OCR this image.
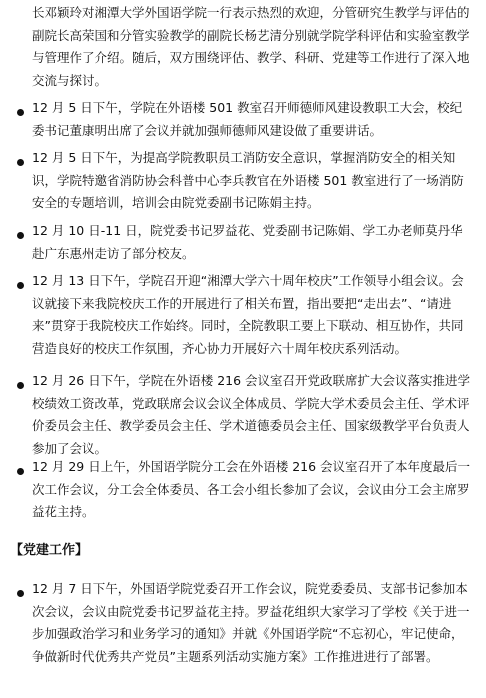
长邓颖玲对湘潭大学外国语学院一行表示热烈的欢迎，分管研究生教学与评估的副院长高荣国和分管实验教学的副院长杨艺清分别就学院学科评估和实验室教学与管理作了介绍。随后，双方围绕评估、教学、科研、党建等工作进行了深入地交流与探讨。
12 月 5 日下午，学院在外语楼 501 教室召开师德师风建设教职工大会，校纪委书记董康明出席了会议并就加强师德师风建设做了重要讲话。
12 月 5 日下午，为提高学院教职员工消防安全意识，掌握消防安全的相关知识，学院特邀省消防协会科普中心李兵教官在外语楼 501 教室进行了一场消防安全的专题培训，培训会由院党委副书记陈娟主持。
12 月 10 日-11 日，院党委书记罗益花、党委副书记陈娟、学工办老师莫丹华赴广东惠州走访了部分校友。
12 月 13 日下午，学院召开迎“湘潭大学六十周年校庆”工作领导小组会议。会议就接下来我院校庆工作的开展进行了相关布置，指出要把“走出去”、“请进来”贯穿于我院校庆工作始终。同时，全院教职工要上下联动、相互协作，共同营造良好的校庆工作氛围，齐心协力开展好六十周年校庆系列活动。
12 月 26 日下午，学院在外语楼 216 会议室召开党政联席扩大会议落实推进学校绩效工资改革，党政联席会议会议全体成员、学院大学术委员会主任、学术评价委员会主任、教学委员会主任、学术道德委员会主任、国家级教学平台负责人参加了会议。
12 月 29 日上午，外国语学院分工会在外语楼 216 会议室召开了本年度最后一次工作会议，分工会全体委员、各工会小组长参加了会议，会议由分工会主席罗益花主持。
【党建工作】
12 月 7 日下午，外国语学院党委召开工作会议，院党委委员、支部书记参加本次会议，会议由院党委书记罗益花主持。罗益花组织大家学习了学校《关于进一步加强政治学习和业务学习的通知》并就《外国语学院“不忘初心，牢记使命，争做新时代优秀共产党员”主题系列活动实施方案》工作推进进行了部署。
